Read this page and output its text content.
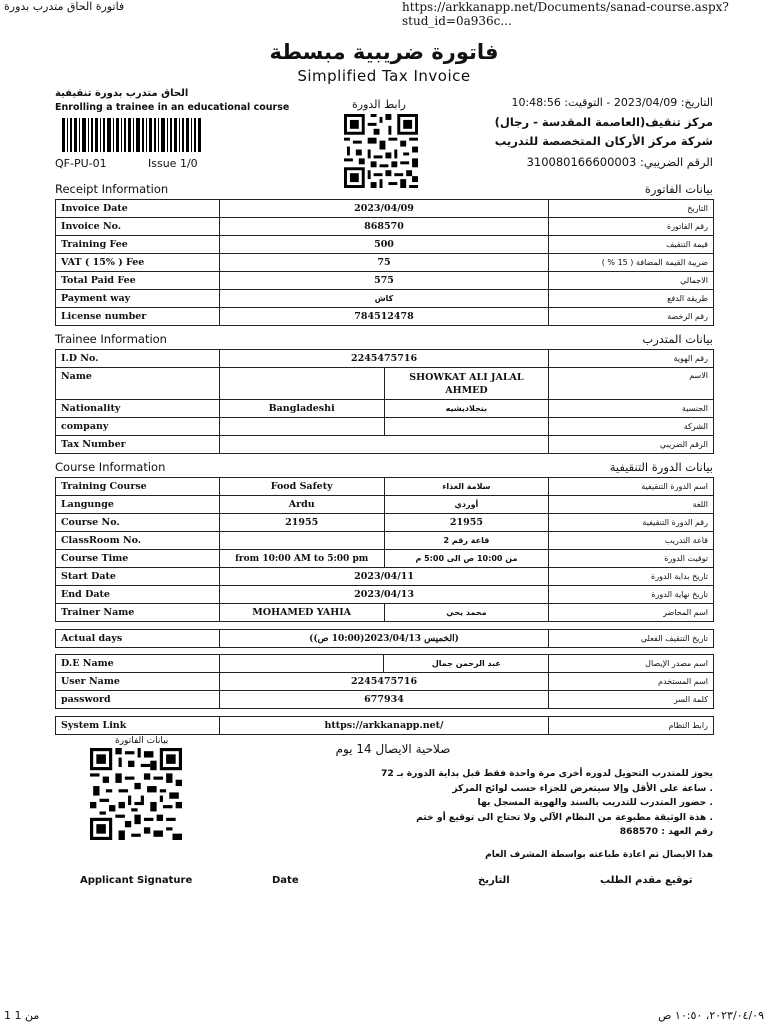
فاتورة الحاق متدرب بدورة	https://arkkanapp.net/Documents/sanad-course.aspx?stud_id=0a936c...
1 من 1	٢٠٢٣/٠٤/٠٩، ١٠:٥٠ ص
فاتورة ضريبية مبسطة
Simplified Tax Invoice
الحاق متدرب بدورة تنقيفية
Enrolling a trainee in an educational course
QF-PU-01	Issue 1/0
رابط الدورة	التاريخ: 2023/04/09 - التوقيت: 10:48:56
مركز تنقيف(العاصمة المقدسة - رجال)
شركة مركز الأركان المتخصصة للتدريب
الرقم الضريبي: 310080166600003
Receipt Information	بيانات الفاتورة
Invoice Date	2023/04/09	التاريخ
Invoice No.	868570	رقم الفاتورة
Training Fee	500	قيمة التنقيف
VAT ( 15% ) Fee	75	ضريبة القيمة المضافة ( 15 % )
Total Paid Fee	575	الاجمالي
Payment way	كاش	طريقة الدفع
License number	784512478	رقم الرخصة
Trainee Information	بيانات المتدرب
I.D No.	2245475716		رقم الهوية
Name		SHOWKAT ALI JALAL AHMED	الاسم
Nationality	Bangladeshi	بنجلاديشيه	الجنسية
company			الشركة
Tax Number			الرقم الضريبي
Course Information	بيانات الدورة التنقيفية
Training Course	Food Safety	سلامة الغذاء	اسم الدورة التنقيفية
Langunge	Ardu	أوردي	اللغة
Course No.	21955	21955	رقم الدورة التنقيفية
ClassRoom No.		قاعة رقم 2	قاعة التدريب
Course Time	from 10:00 AM to 5:00 pm	من 10:00 ص الى 5:00 م	توقيت الدورة
Start Date	2023/04/11		تاريخ بداية الدورة
End Date	2023/04/13		تاريخ نهاية الدورة
Trainer Name	MOHAMED YAHIA	محمد يحي	اسم المحاضر
Actual days	(الخميس 2023/04/13(10:00 ص))	تاريخ التنقيف الفعلي
D.E Name		عبد الرحمن جمال	اسم مصدر الإيصال
User Name	2245475716		اسم المستخدم
password	677934		كلمة السر
System Link	https://arkkanapp.net/	رابط النظام
بيانات الفاتورة
صلاحية الايصال 14 يوم
يجوز للمتدرب التحويل لدوره أخرى مرة واحدة فقط قبل بداية الدورة بـ 72
. ساعة على الأقل وإلا سيتعرض للجزاء حسب لوائح المركز
. حضور المتدرب للتدريب بالسند والهوية المسجل بها
. هذة الوثيقة مطبوعة من النظام الآلي ولا تحتاج الى توقيع أو ختم
رقم العهد : 868570
هذا الايصال تم اعادة طباعته بواسطة المشرف العام
Applicant Signature	Date	التاريخ	توقيع مقدم الطلب
